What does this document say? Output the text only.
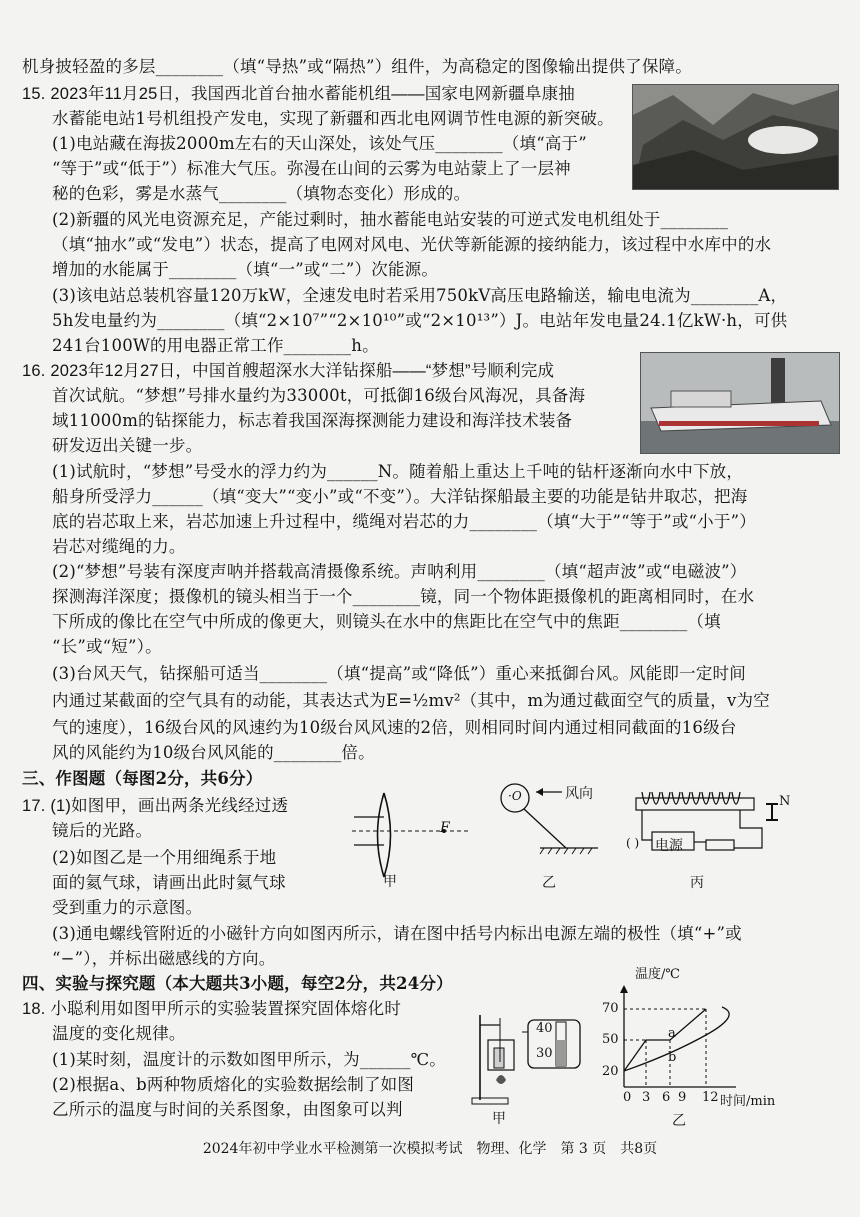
机身披轻盈的多层________（填“导热”或“隔热”）组件，为高稳定的图像输出提供了保障。
15. 2023年11月25日，我国西北首台抽水蓄能机组——国家电网新疆阜康抽
水蓄能电站1号机组投产发电，实现了新疆和西北电网调节性电源的新突破。
(1)电站藏在海拔2000m左右的天山深处，该处气压________（填“高于”
“等于”或“低于”）标准大气压。弥漫在山间的云雾为电站蒙上了一层神
秘的色彩，雾是水蒸气________（填物态变化）形成的。
(2)新疆的风光电资源充足，产能过剩时，抽水蓄能电站安装的可逆式发电机组处于________
（填“抽水”或“发电”）状态，提高了电网对风电、光伏等新能源的接纳能力，该过程中水库中的水
增加的水能属于________（填“一”或“二”）次能源。
(3)该电站总装机容量120万kW，全速发电时若采用750kV高压电路输送，输电电流为________A，
5h发电量约为________（填“2×10⁷”“2×10¹⁰”或“2×10¹³”）J。电站年发电量24.1亿kW·h，可供
241台100W的用电器正常工作________h。
16. 2023年12月27日，中国首艘超深水大洋钻探船——“梦想”号顺利完成
首次试航。“梦想”号排水量约为33000t，可抵御16级台风海况，具备海
域11000m的钻探能力，标志着我国深海探测能力建设和海洋技术装备
研发迈出关键一步。
(1)试航时，“梦想”号受水的浮力约为______N。随着船上重达上千吨的钻杆逐渐向水中下放，
船身所受浮力______（填“变大”“变小”或“不变”）。大洋钻探船最主要的功能是钻井取芯，把海
底的岩芯取上来，岩芯加速上升过程中，缆绳对岩芯的力________（填“大于”“等于”或“小于”）
岩芯对缆绳的力。
(2)“梦想”号装有深度声呐并搭载高清摄像系统。声呐利用________（填“超声波”或“电磁波”）
探测海洋深度；摄像机的镜头相当于一个________镜，同一个物体距摄像机的距离相同时，在水
下所成的像比在空气中所成的像更大，则镜头在水中的焦距比在空气中的焦距________（填
“长”或“短”）。
(3)台风天气，钻探船可适当________（填“提高”或“降低”）重心来抵御台风。风能即一定时间
内通过某截面的空气具有的动能，其表达式为E=½mv²（其中，m为通过截面空气的质量，v为空
气的速度），16级台风的风速约为10级台风风速的2倍，则相同时间内通过相同截面的16级台
风的风能约为10级台风风能的________倍。
三、作图题（每图2分，共6分）
17. (1)如图甲，画出两条光线经过透
镜后的光路。
(2)如图乙是一个用细绳系于地
面的氦气球，请画出此时氦气球
受到重力的示意图。
(3)通电螺线管附近的小磁针方向如图丙所示，请在图中括号内标出电源左端的极性（填“+”或
“−”），并标出磁感线的方向。
四、实验与探究题（本大题共3小题，每空2分，共24分）
18. 小聪利用如图甲所示的实验装置探究固体熔化时
温度的变化规律。
(1)某时刻，温度计的示数如图甲所示，为______℃。
(2)根据a、b两种物质熔化的实验数据绘制了如图
乙所示的温度与时间的关系图象，由图象可以判
F
甲
·O	风向
乙
N
( ) 电源
丙
40
30
甲
温度/℃
70
50
20
0 3 6 9 12 时间/min
a
b
乙
2024年初中学业水平检测第一次模拟考试　物理、化学　第 3 页　共8页
